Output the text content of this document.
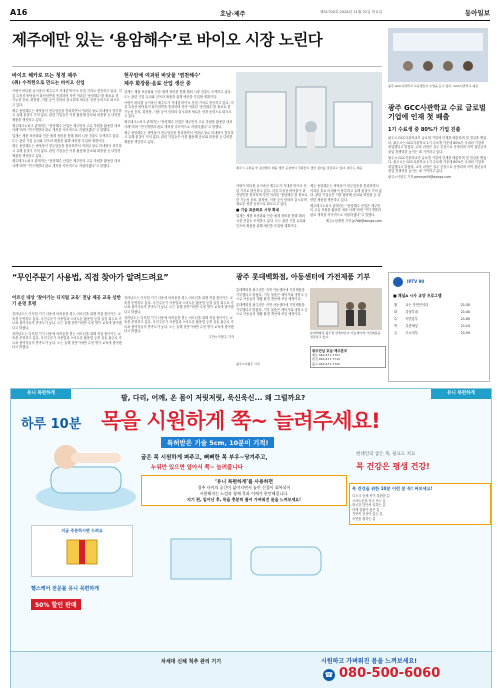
A16	호남·제주	제31700호 2024년 11월 21일 목요일	동아일보
제주에만 있는 ‘용암해수’로 바이오 시장 노린다

바이오 헤카로 뜨는 청정 제주

(취) 수적헌으로 만드는 바이오 산업

사람이 바다를 들이마신 제주도가 거대한 바이오 산업 기지로 변신하고 있다. 지질 특성상 바닷물이 화산암반을 통과하며 자연 여과된 ‘용암해수’를 원료로 한 기능성 음료, 화장품, 식품 등이 잇따라 출시되며 새로운 성장 동력으로 떠오르고 있다.

제주 용암해수는 바닷물이 현무암층을 통과하면서 여과된 물로 미네랄이 풍부하고 유해 물질이 거의 없다. 관련 기업들은 이를 활용해 음료와 화장품 등 다양한 제품을 생산하고 있다.

제주테크노파크 관계자는 “용암해수 산업은 제주만의 고유 자원을 활용한 대표 사례”라며 “연구개발과 판로 개척을 지속적으로 지원하겠다”고 말했다.

업계는 제품 표준화와 인증 체계 정비를 통해 해외 시장 진출도 모색하고 있다. 도는 관련 기업 유치와 인프라 확충을 위해 예산을 투입할 계획이다.

제주 용암해수는 바닷물이 현무암층을 통과하면서 여과된 물로 미네랄이 풍부하고 유해 물질이 거의 없다. 관련 기업들은 이를 활용해 음료와 화장품 등 다양한 제품을 생산하고 있다.

제주테크노파크 관계자는 “용암해수 산업은 제주만의 고유 자원을 활용한 대표 사례”라며 “연구개발과 판로 개척을 지속적으로 지원하겠다”고 말했다.

현무암에 여과된 바닷물 ‘염천해수’

제주 화장품·음료 산업 생산 중

업계는 제품 표준화와 인증 체계 정비를 통해 해외 시장 진출도 모색하고 있다. 도는 관련 기업 유치와 인프라 확충을 위해 예산을 투입할 계획이다.

사람이 바다를 들이마신 제주도가 거대한 바이오 산업 기지로 변신하고 있다. 지질 특성상 바닷물이 화산암반을 통과하며 자연 여과된 ‘용암해수’를 원료로 한 기능성 음료, 화장품, 식품 등이 잇따라 출시되며 새로운 성장 동력으로 떠오르고 있다.

제주테크노파크 관계자는 “용암해수 산업은 제주만의 고유 자원을 활용한 대표 사례”라며 “연구개발과 판로 개척을 지속적으로 지원하겠다”고 말했다.

제주 용암해수는 바닷물이 현무암층을 통과하면서 여과된 물로 미네랄이 풍부하고 유해 물질이 거의 없다. 관련 기업들은 이를 활용해 음료와 화장품 등 다양한 제품을 생산하고 있다.

제주시 구좌읍 한 용암해수 제품 생산 공장에서 직원들이 생산 설비를 점검하고 있다. 제주도 제공

사람이 바다를 들이마신 제주도가 거대한 바이오 산업 기지로 변신하고 있다. 지질 특성상 바닷물이 화산암반을 통과하며 자연 여과된 ‘용암해수’를 원료로 한 기능성 음료, 화장품, 식품 등이 잇따라 출시되며 새로운 성장 동력으로 떠오르고 있다.

■ 기술 표준화로 시장 확대

업계는 제품 표준화와 인증 체계 정비를 통해 해외 시장 진출도 모색하고 있다. 도는 관련 기업 유치와 인프라 확충을 위해 예산을 투입할 계획이다.

제주 용암해수는 바닷물이 현무암층을 통과하면서 여과된 물로 미네랄이 풍부하고 유해 물질이 거의 없다. 관련 기업들은 이를 활용해 음료와 화장품 등 다양한 제품을 생산하고 있다.

제주테크노파크 관계자는 “용암해수 산업은 제주만의 고유 자원을 활용한 대표 사례”라며 “연구개발과 판로 개척을 지속적으로 지원하겠다”고 말했다.

제주=임재영 기자 jy788@donga.com

광주 GCC사관학교 교육생들이 수업을 듣고 있다. GCC사관학교 제공
광주 GCC사관학교 수료 글로벌 기업에 인재 첫 배출
1기 수료생 중 80%가 기업 진출

광주시 GCC사관학교가 글로벌 기업에 인재를 배출하며 첫 결실을 맺었다. 광주시는 GCC사관학교 1기 수료생 가운데 80%가 국내외 기업에 취업했다고 밝혔다. 교육 과정은 실무 중심으로 운영되며 지역 청년들의 취업 경쟁력을 높이는 데 기여하고 있다.

광주시 GCC사관학교가 글로벌 기업에 인재를 배출하며 첫 결실을 맺었다. 광주시는 GCC사관학교 1기 수료생 가운데 80%가 국내외 기업에 취업했다고 밝혔다. 교육 과정은 실무 중심으로 운영되며 지역 청년들의 취업 경쟁력을 높이는 데 기여하고 있다.

광주=이형주 기자 peneye09@donga.com

“무인주문기 사용법, 직접 찾아가 알려드려요”
어르신 대상 ‘찾아가는 디지털 교육’ 전남 제공 교육 상반기 운영 호평

전라남도는 디지털 기기 사용에 어려움을 겪는 어르신을 위해 직접 찾아가는 교육을 운영하고 있다. 무인주문기 사용법과 스마트폰 활용법 등을 실습 위주로 가르쳐 참여자들의 만족도가 높다. 도는 올해 상반기에만 수천 명이 교육에 참여했다고 밝혔다.

전라남도는 디지털 기기 사용에 어려움을 겪는 어르신을 위해 직접 찾아가는 교육을 운영하고 있다. 무인주문기 사용법과 스마트폰 활용법 등을 실습 위주로 가르쳐 참여자들의 만족도가 높다. 도는 올해 상반기에만 수천 명이 교육에 참여했다고 밝혔다.

전라남도는 디지털 기기 사용에 어려움을 겪는 어르신을 위해 직접 찾아가는 교육을 운영하고 있다. 무인주문기 사용법과 스마트폰 활용법 등을 실습 위주로 가르쳐 참여자들의 만족도가 높다. 도는 올해 상반기에만 수천 명이 교육에 참여했다고 밝혔다.

전라남도는 디지털 기기 사용에 어려움을 겪는 어르신을 위해 직접 찾아가는 교육을 운영하고 있다. 무인주문기 사용법과 스마트폰 활용법 등을 실습 위주로 가르쳐 참여자들의 만족도가 높다. 도는 올해 상반기에만 수천 명이 교육에 참여했다고 밝혔다.

무안=이형주 기자

광주 롯데백화점, 아동센터에 가전제품 기부

롯데백화점 광주점은 지역 아동센터에 가전제품을 기부했다고 밝혔다. 기부 물품은 세탁기와 냉장고 등으로 아동들의 생활 환경 개선에 쓰일 예정이다.

롯데백화점 광주점은 지역 아동센터에 가전제품을 기부했다고 밝혔다. 기부 물품은 세탁기와 냉장고 등으로 아동들의 생활 환경 개선에 쓰일 예정이다.

롯데백화점 광주점 관계자들이 아동센터에 가전제품을 전달하고 있다.
광주전남 호남·제주본부
제보 062-671-7701
편집 062-671-7710
광고 062-671-7720
광주=이형주 기자
IPTV 90
■ 채널A 시사 교양 프로그램
월	나는 자연인이다	21:30
화	강철부대	21:40
수	서민갑부	21:00
목	특종세상	21:10
금	도시어부	21:50
유니 목편하게
팔, 다리, 어깨, 온 몸이 저릿저릿, 욱신욱신... 왜 그럴까요?
유니 목편하게
하루 10분 목을 시원하게 쭉~ 늘려주세요!
특허받은 기술 5cm, 10분이 기적!
굽은 목 시원하게 펴주고, 뻐뻐한 목 부우~당겨주고,
누워만 있으면 알아서 쭉~ 늘려줍니다
‘유니 목편하게’를 사용하면
경추 사이의 공간이 넓어지면서 눌린 신경이 회복되어
시원해지는 느낌과 함께 목과 어깨가 편안해집니다.
지기 편, 일어난 후, 목을 충분히 풀어 가벼워진 몸을 느껴보세요!
현대인의 굽은 목, 필요도 치료
목 건강은 평생 건강!
목 건강을 위한 10분 이런 분 꼭! 써보세요!
디스크 증세 목이 불편한 분
스마트폰을 자주 보는 분
장시간 앉아서 일하는 분
어깨 결림이 잦은 분
거북목 증상이 있는 분
숙면을 원하는 분
지금 주문하시면 드려요
헬스케어 전문몰 유니 목편하게
50% 할인 판매
차세대 신체 척추 관리 기기	시원하고 가벼워진 몸을 느껴보세요!
☎ 080-500-6060
